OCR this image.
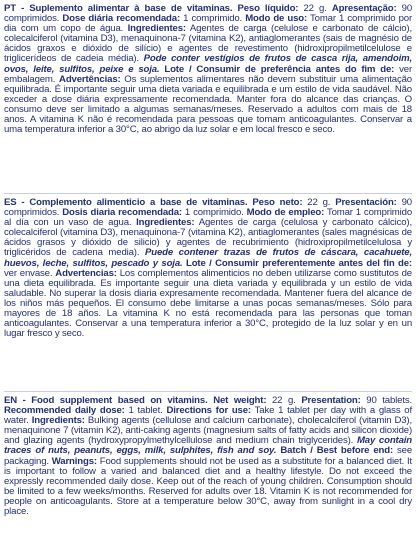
PT - Suplemento alimentar à base de vitaminas. Peso líquido: 22 g. Apresentação: 90 comprimidos. Dose diária recomendada: 1 comprimido. Modo de uso: Tomar 1 comprimido por dia com um copo de água. Ingredientes: Agentes de carga (celulose e carbonato de cálcio), colecalciferol (vitamina D3), menaquinona-7 (vitamina K2), antiaglomerantes (sais de magnésio de ácidos graxos e dióxido de silício) e agentes de revestimento (hidroxipropilmetilcelulose e triglicerídeos de cadeia média). Pode conter vestígios de frutos de casca rija, amendoim, ovos, leite, sulfitos, peixe e soja. Lote / Consumir de preferência antes do fim de: ver embalagem. Advertências: Os suplementos alimentares não devem substituir uma alimentação equilibrada. É importante seguir uma dieta variada e equilibrada e um estilo de vida saudável. Não exceder a dose diária expressamente recomendada. Manter fora do alcance das crianças. O consumo deve ser limitado a algumas semanas/meses. Reservado a adultos com mais de 18 anos. A vitamina K não é recomendada para pessoas que tomam anticoagulantes. Conservar a uma temperatura inferior a 30°C, ao abrigo da luz solar e em local fresco e seco.
ES - Complemento alimenticio a base de vitaminas. Peso neto: 22 g. Presentación: 90 comprimidos. Dosis diaria recomendada: 1 comprimido. Modo de empleo: Tomar 1 comprimido al día con un vaso de agua. Ingredientes: Agentes de carga (celulosa y carbonato cálcico), colecalciferol (vitamina D3), menaquinona-7 (vitamina K2), antiaglomerantes (sales magnésicas de ácidos grasos y dióxido de silicio) y agentes de recubrimiento (hidroxipropilmetilcelulosa y triglicéridos de cadena media). Puede contener trazas de frutos de cáscara, cacahuete, huevos, leche, sulfitos, pescado y soja. Lote / Consumir preferentemente antes del fin de: ver envase. Advertencias: Los complementos alimenticios no deben utilizarse como sustitutos de una dieta equilibrada. Es importante seguir una dieta variada y equilibrada y un estilo de vida saludable. No superar la dosis diaria expresamente recomendada. Mantener fuera del alcance de los niños más pequeños. El consumo debe limitarse a unas pocas semanas/meses. Sólo para mayores de 18 años. La vitamina K no está recomendada para las personas que toman anticoagulantes. Conservar a una temperatura inferior a 30°C, protegido de la luz solar y en un lugar fresco y seco.
EN - Food supplement based on vitamins. Net weight: 22 g. Presentation: 90 tablets. Recommended daily dose: 1 tablet. Directions for use: Take 1 tablet per day with a glass of water. Ingredients: Bulking agents (cellulose and calcium carbonate), cholecalciferol (vitamin D3), menaquinone 7 (vitamin K2), anti-caking agents (magnesium salts of fatty acids and silicon dioxide) and glazing agents (hydroxypropylmethylcellulose and medium chain triglycerides). May contain traces of nuts, peanuts, eggs, milk, sulphites, fish and soy. Batch / Best before end: see packaging. Warnings: Food supplements should not be used as a substitute for a balanced diet. It is important to follow a varied and balanced diet and a healthy lifestyle. Do not exceed the expressly recommended daily dose. Keep out of the reach of young children. Consumption should be limited to a few weeks/months. Reserved for adults over 18. Vitamin K is not recommended for people on anticoagulants. Store at a temperature below 30°C, away from sunlight in a cool dry place.
